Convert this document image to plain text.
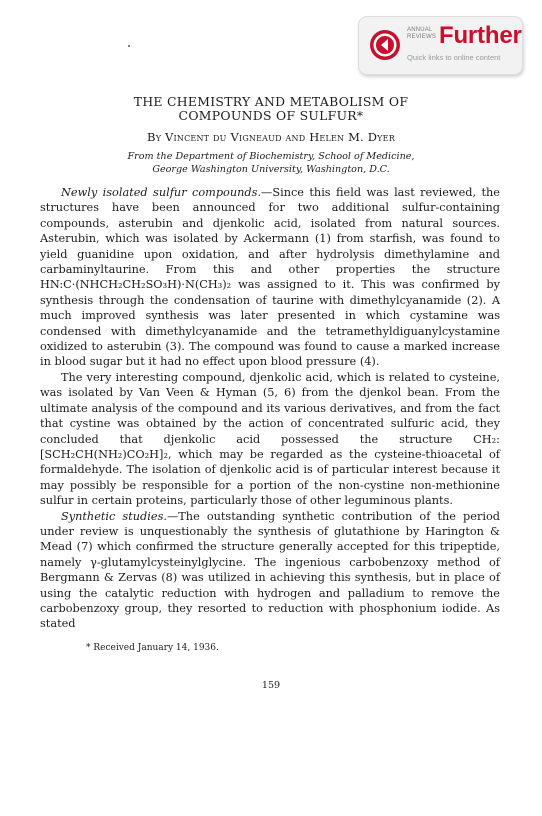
ANNUAL
REVIEWS Further
Quick links to online content
THE CHEMISTRY AND METABOLISM OF
COMPOUNDS OF SULFUR*
By Vincent du Vigneaud and Helen M. Dyer
From the Department of Biochemistry, School of Medicine,
George Washington University, Washington, D.C.

Newly isolated sulfur compounds.—Since this field was last reviewed, the structures have been announced for two additional sulfur-containing compounds, asterubin and djenkolic acid, isolated from natural sources. Asterubin, which was isolated by Ackermann (1) from starfish, was found to yield guanidine upon oxidation, and after hydrolysis dimethylamine and carbaminyltaurine. From this and other properties the structure HN:C·(NHCH₂CH₂SO₃H)·N(CH₃)₂ was assigned to it. This was confirmed by synthesis through the condensation of taurine with dimethylcyanamide (2). A much improved synthesis was later presented in which cystamine was condensed with dimethylcyanamide and the tetramethyldiguanylcystamine oxidized to asterubin (3). The compound was found to cause a marked increase in blood sugar but it had no effect upon blood pressure (4).

The very interesting compound, djenkolic acid, which is related to cysteine, was isolated by Van Veen & Hyman (5, 6) from the djenkol bean. From the ultimate analysis of the compound and its various derivatives, and from the fact that cystine was obtained by the action of concentrated sulfuric acid, they concluded that djenkolic acid possessed the structure CH₂:[SCH₂CH(NH₂)CO₂H]₂, which may be regarded as the cysteine-thioacetal of formaldehyde. The isolation of djenkolic acid is of particular interest because it may possibly be responsible for a portion of the non-cystine non-methionine sulfur in certain proteins, particularly those of other leguminous plants.

Synthetic studies.—The outstanding synthetic contribution of the period under review is unquestionably the synthesis of glutathione by Harington & Mead (7) which confirmed the structure generally accepted for this tripeptide, namely γ-glutamylcysteinylglycine. The ingenious carbobenzoxy method of Bergmann & Zervas (8) was utilized in achieving this synthesis, but in place of using the catalytic reduction with hydrogen and palladium to remove the carbobenzoxy group, they resorted to reduction with phosphonium iodide. As stated

* Received January 14, 1936.
159
